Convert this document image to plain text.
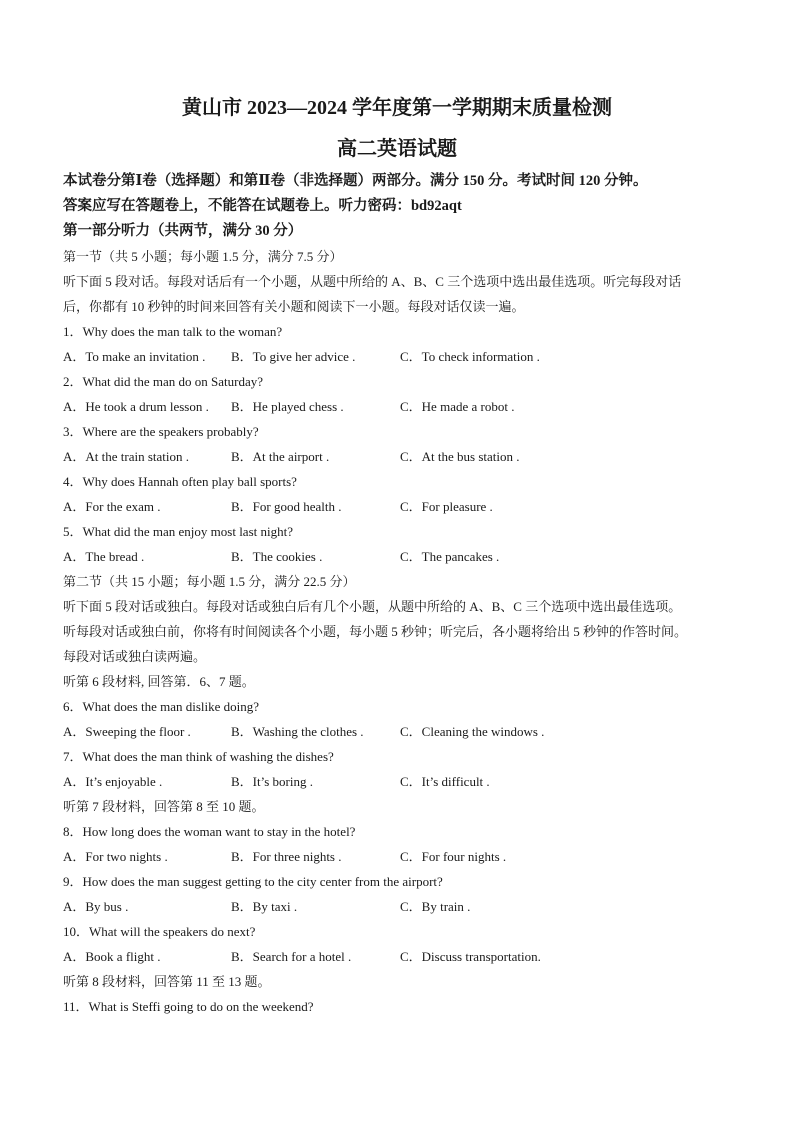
黄山市 2023—2024 学年度第一学期期末质量检测
高二英语试题
本试卷分第Ⅰ卷（选择题）和第Ⅱ卷（非选择题）两部分。满分 150 分。考试时间 120 分钟。
答案应写在答题卷上，不能答在试题卷上。听力密码：bd92aqt
第一部分听力（共两节，满分 30 分）
第一节（共 5 小题；每小题 1.5 分，满分 7.5 分）
听下面 5 段对话。每段对话后有一个小题，从题中所给的 A、B、C 三个选项中选出最佳选项。听完每段对话
后，你都有 10 秒钟的时间来回答有关小题和阅读下一小题。每段对话仅读一遍。
1．Why does the man talk to the woman?
A．To make an invitation .	B．To give her advice .	C．To check information .
2．What did the man do on Saturday?
A．He took a drum lesson .	B．He played chess .	C．He made a robot .
3．Where are the speakers probably?
A．At the train station .	B．At the airport .	C．At the bus station .
4．Why does Hannah often play ball sports?
A．For the exam .	B．For good health .	C．For pleasure .
5．What did the man enjoy most last night?
A．The bread .	B．The cookies .	C．The pancakes .
第二节（共 15 小题；每小题 1.5 分，满分 22.5 分）
听下面 5 段对话或独白。每段对话或独白后有几个小题，从题中所给的 A、B、C 三个选项中选出最佳选项。
听每段对话或独白前，你将有时间阅读各个小题，每小题 5 秒钟；听完后，各小题将给出 5 秒钟的作答时间。
每段对话或独白读两遍。
听第 6 段材料, 回答第．6、7 题。
6．What does the man dislike doing?
A．Sweeping the floor .	B．Washing the clothes .	C．Cleaning the windows .
7．What does the man think of washing the dishes?
A．It’s enjoyable .	B．It’s boring .	C．It’s difficult .
听第 7 段材料，回答第 8 至 10 题。
8．How long does the woman want to stay in the hotel?
A．For two nights .	B．For three nights .	C．For four nights .
9．How does the man suggest getting to the city center from the airport?
A．By bus .	B．By taxi .	C．By train .
10．What will the speakers do next?
A．Book a flight .	B．Search for a hotel .	C．Discuss transportation.
听第 8 段材料，回答第 11 至 13 题。
11．What is Steffi going to do on the weekend?
